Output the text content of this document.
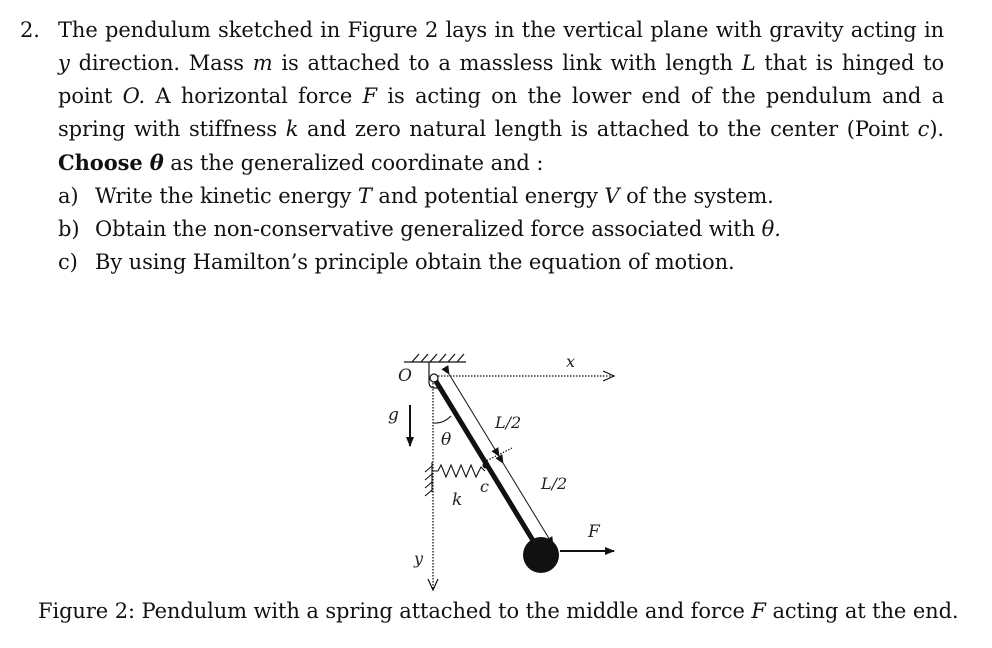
2. The pendulum sketched in Figure 2 lays in the vertical plane with gravity acting in y direction. Mass m is attached to a massless link with length L that is hinged to point O. A horizontal force F is acting on the lower end of the pendulum and a spring with stiffness k and zero natural length is attached to the center (Point c). Choose θ as the generalized coordinate and :

a) Write the kinetic energy T and potential energy V of the system.
b) Obtain the non-conservative generalized force associated with θ.
c) By using Hamilton’s principle obtain the equation of motion.
O
g
x
y
θ
L/2
L/2
c
k
F
Figure 2: Pendulum with a spring attached to the middle and force F acting at the end.
